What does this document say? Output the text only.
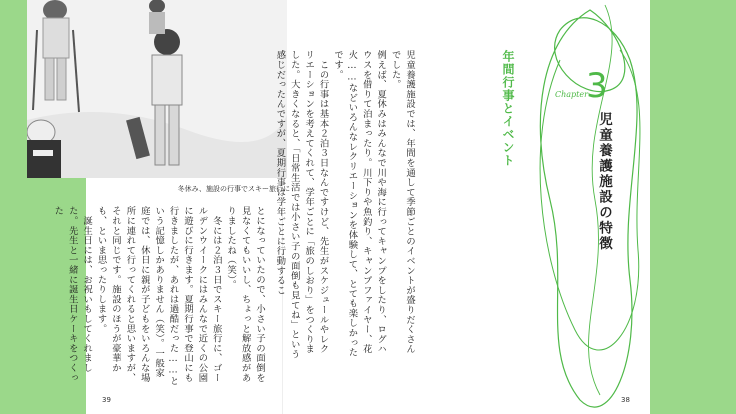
冬休み、施設の行事でスキー旅行に
とになっていたので、小さい子の面倒を見なくてもいいし、ちょっと解放感がありましたね（笑）。
　冬には２泊３日でスキー旅行に、ゴールデンウイークにはみんなで近くの公園に遊びに行きます。夏期行事で登山にも行きましたが、あれは過酷だった……という記憶しかありません（笑）。一般家庭では、休日に親が子どもをいろんな場所に連れて行ってくれると思いますが、それと同じです。施設のほうが豪華かも、といま思ったりします。
　誕生日には、お祝いもしてくれました。先生と一緒に誕生日ケーキをつくった
39
児童養護施設では、年間を通して季節ごとのイベントが盛りだくさんでした。
例えば、夏休みはみんなで川や海に行ってキャンプをしたり、ログハウスを借りて泊まったり。川下りや魚釣り、キャンプファイヤー、花火……などいろんなレクリエーションを体験して、とても楽しかったです。
　この行事は基本２泊３日なんですけど、先生がスケジュールやレクリエーションを考えてくれて、学年ごとに「旅のしおり」をつくりました。大きくなると、「日常生活では小さい子の面倒も見てね」という感じだったんですが、夏期行事は学年ごとに行動するこ	年間行事とイベント	Chapter
3
児童養護施設の特徴
38
